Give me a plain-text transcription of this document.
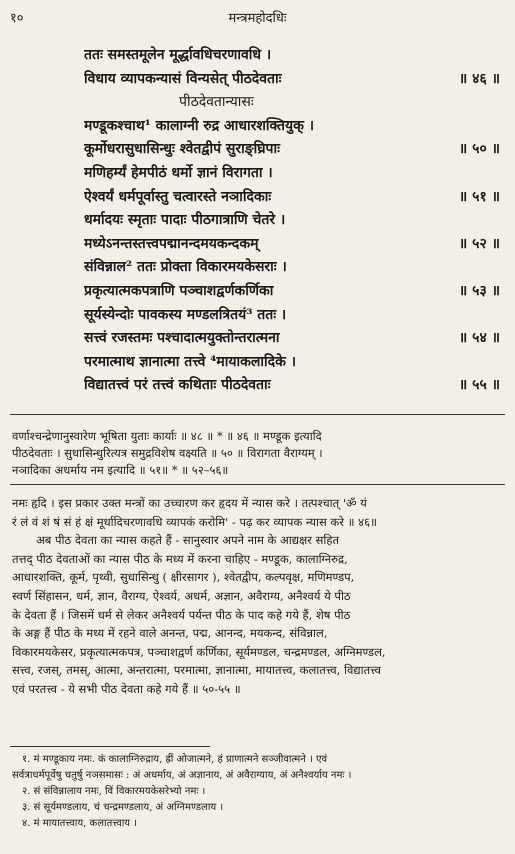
१०	मन्त्रमहोदधिः
ततः समस्तमूलेन मूर्द्धावधिचरणावधि ।
विधाय व्यापकन्यासं विन्यसेत् पीठदेवताः	॥ ४६ ॥
पीठदेवतान्यासः
मण्डूकश्चाथ¹ कालाग्नी रुद्र आधारशक्तियुक् ।
कूर्मोधरासुधासिन्धुः श्वेतद्वीपं सुराङ्घ्रिपाः	॥ ५० ॥
मणिहर्म्यं हेमपीठं धर्मो ज्ञानं विरागता ।
ऐश्वर्यं धर्मपूर्वास्तु चत्वारस्ते नञादिकाः	॥ ५१ ॥
धर्मादयः स्मृताः पादाः पीठगात्राणि चेतरे ।
मध्येऽनन्तस्तत्त्वपद्मानन्दमयकन्दकम्	॥ ५२ ॥
संविन्नाल² ततः प्रोक्ता विकारमयकेसराः ।
प्रकृत्यात्मकपत्राणि पञ्चाशद्वर्णकर्णिका	॥ ५३ ॥
सूर्यस्येन्दोः पावकस्य मण्डलत्रितयं³ ततः ।
सत्त्वं रजस्तमः पश्चादात्मयुक्तोन्तरात्मना	॥ ५४ ॥
परमात्माथ ज्ञानात्मा तत्त्वे ⁴मायाकलादिके ।
विद्यातत्त्वं परं तत्त्वं कथिताः पीठदेवताः	॥ ५५ ॥
वर्णाश्चन्द्रेणानुस्वारेण भूषिता युताः कार्याः ॥ ४८ ॥ * ॥ ४६ ॥ मण्डूक इत्यादि
पीठदेवताः । सुधासिन्धुरित्यत्र समुद्रविशेष वक्ष्यति ॥ ५० ॥ विरागता वैराग्यम् ।
नञादिका अधर्माय नम इत्यादि ॥ ५१॥ * ॥ ५२–५६॥
नमः हृदि । इस प्रकार उक्त मन्त्रों का उच्चारण कर हृदय में न्यास करे । तत्पश्चात् 'ॐ यं
रं लं वं शं षं सं हं क्षं मूर्धादिचरणावधि व्यापकं करोमि' - पढ़ कर व्यापक न्यास करे ॥ ४६॥
अब पीठ देवता का न्यास कहते हैं - सानुस्वार अपने नाम के आद्यक्षर सहित
तत्तद् पीठ देवताओं का न्यास पीठ के मध्य में करना चाहिए - मण्डूक, कालाग्निरुद्र,
आधारशक्ति, कूर्म, पृथ्वी, सुधासिन्धु ( क्षीरसागर ), श्वेतद्वीप, कल्पवृक्ष, मणिमण्डप,
स्वर्ण सिंहासन, धर्म, ज्ञान, वैराग्य, ऐश्वर्य, अधर्म, अज्ञान, अवैराग्य, अनैश्वर्य ये पीठ
के देवता हैं । जिसमें धर्म से लेकर अनैश्वर्य पर्यन्त पीठ के पाद कहे गये हैं, शेष पीठ
के अङ्ग हैं पीठ के मध्य में रहने वाले अनन्त, पद्म, आनन्द, मयकन्द, संविन्नाल,
विकारमयकेसर, प्रकृत्यात्मकपत्र, पञ्चाशद्वर्ण कर्णिका, सूर्यमण्डल, चन्द्रमण्डल, अग्निमण्डल,
सत्त्व, रजस्, तमस्, आत्मा, अन्तरात्मा, परमात्मा, ज्ञानात्मा, मायातत्त्व, कलातत्त्व, विद्यातत्त्व
एवं परतत्त्व - ये सभी पीठ देवता कहे गये हैं ॥ ५०-५५ ॥
१. मं मण्डूकाय नमः. कं कालाग्निरुद्राय, ह्रीं ओजात्मने, हं प्राणात्मने सञ्जीवात्मने । एवं
सर्वत्राधर्मपूर्वेषु चतुर्षु नञसमासः : अं अधर्माय, अं अज्ञानाय, अं अवैराग्याय, अं अनैश्वर्याय नमः ।
२. सं संविन्नालाय नमः, विं विकारमयकेसरेभ्यो नमः ।
३. सं सूर्यमण्डलाय, चं चन्द्रमण्डलाय, अं अग्निमण्डलाय ।
४. मं मायातत्त्वाय, कलातत्त्वाय ।
